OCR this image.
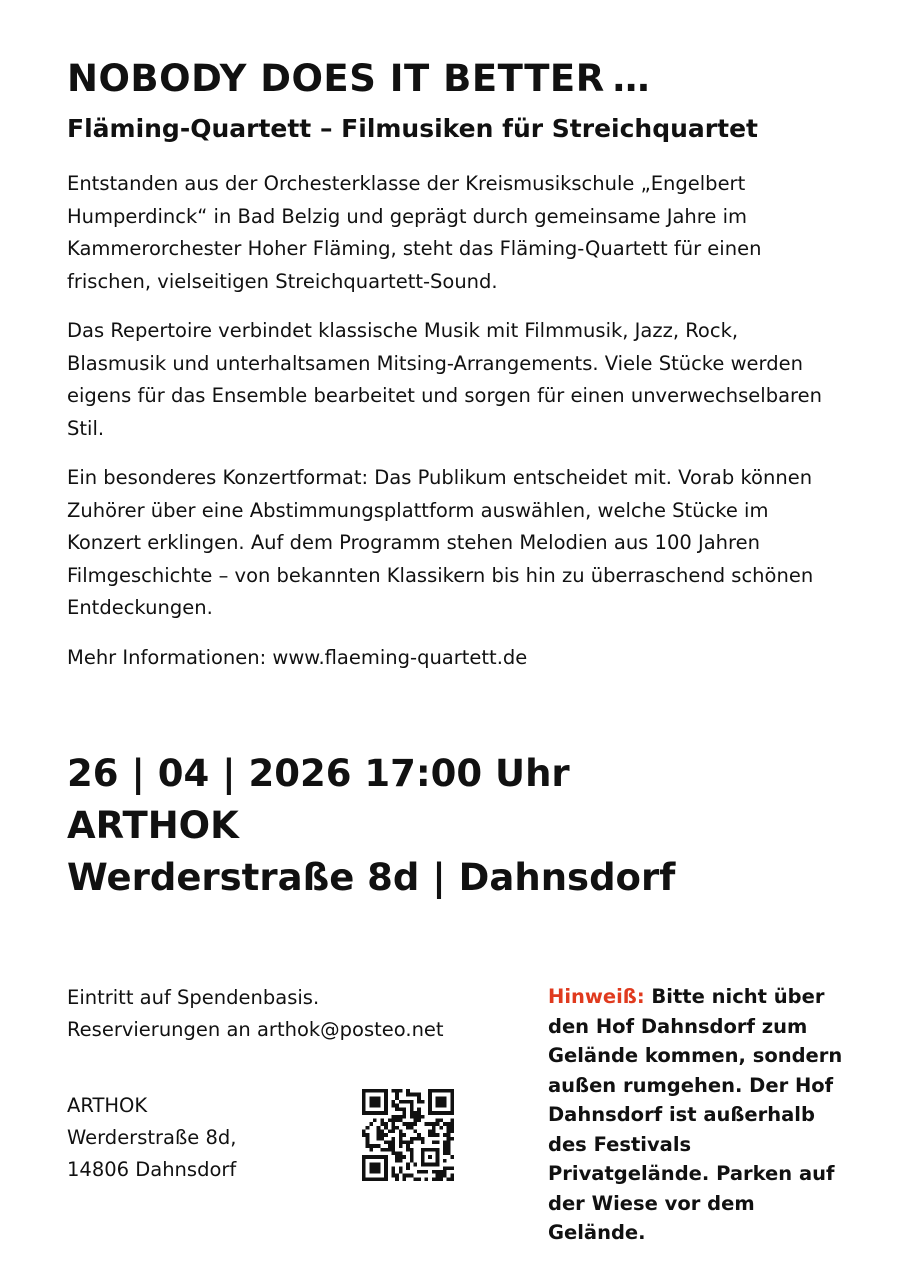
NOBODY DOES IT BETTER …
Fläming-Quartett – Filmusiken für Streichquartet

Entstanden aus der Orchesterklasse der Kreismusikschule „Engelbert Humperdinck“ in Bad Belzig und geprägt durch gemeinsame Jahre im Kammerorchester Hoher Fläming, steht das Fläming-Quartett für einen frischen, vielseitigen Streichquartett-Sound.

Das Repertoire verbindet klassische Musik mit Filmmusik, Jazz, Rock, Blasmusik und unterhaltsamen Mitsing-Arrangements. Viele Stücke werden eigens für das Ensemble bearbeitet und sorgen für einen unverwechselbaren Stil.

Ein besonderes Konzertformat: Das Publikum entscheidet mit. Vorab können Zuhörer über eine Abstimmungsplattform auswählen, welche Stücke im Konzert erklingen. Auf dem Programm stehen Melodien aus 100 Jahren Filmgeschichte – von bekannten Klassikern bis hin zu überraschend schönen Entdeckungen.

Mehr Informationen: www.flaeming-quartett.de

26 | 04 | 2026 17:00 Uhr
ARTHOK
Werderstraße 8d | Dahnsdorf
Eintritt auf Spendenbasis.
Reservierungen an arthok@posteo.net
ARTHOK
Werderstraße 8d,
14806 Dahnsdorf
Hinweiß: Bitte nicht über den Hof Dahnsdorf zum Gelände kommen, sondern außen rumgehen. Der Hof Dahnsdorf ist außerhalb des Festivals Privatgelände. Parken auf der Wiese vor dem Gelände.
